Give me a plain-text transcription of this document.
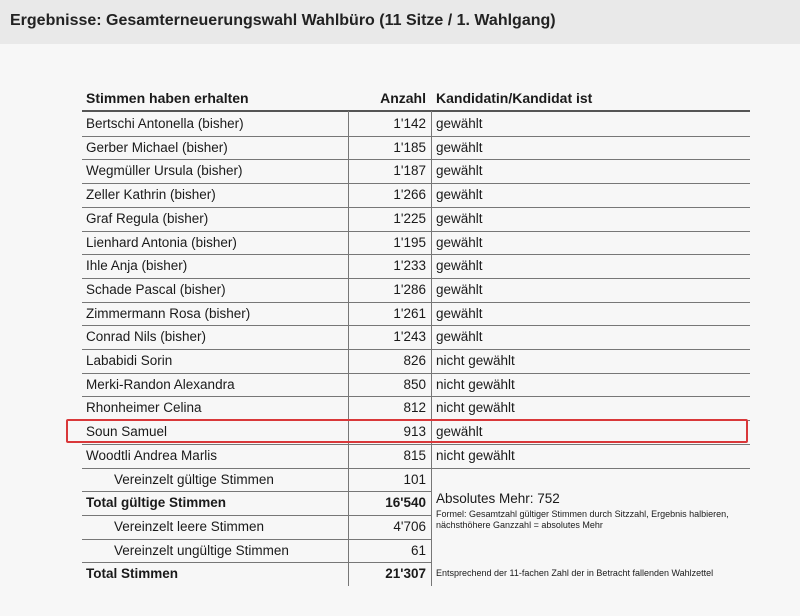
Ergebnisse: Gesamterneuerungswahl Wahlbüro (11 Sitze / 1. Wahlgang)
Stimmen haben erhalten	Anzahl Kandidatin/Kandidat ist
Bertschi Antonella (bisher)	1'142 gewählt
Gerber Michael (bisher)	1'185 gewählt
Wegmüller Ursula (bisher)	1'187 gewählt
Zeller Kathrin (bisher)	1'266 gewählt
Graf Regula (bisher)	1'225 gewählt
Lienhard Antonia (bisher)	1'195 gewählt
Ihle Anja (bisher)	1'233 gewählt
Schade Pascal (bisher)	1'286 gewählt
Zimmermann Rosa (bisher)	1'261 gewählt
Conrad Nils (bisher)	1'243 gewählt
Lababidi Sorin	826 nicht gewählt
Merki-Randon Alexandra	850 nicht gewählt
Rhonheimer Celina	812 nicht gewählt
Soun Samuel	913 gewählt
Woodtli Andrea Marlis	815 nicht gewählt
Vereinzelt gültige Stimmen	101
Total gültige Stimmen	16'540 Absolutes Mehr: 752
Formel: Gesamtzahl gültiger Stimmen durch Sitzzahl, Ergebnis halbieren, nächsthöhere Ganzzahl = absolutes Mehr
Vereinzelt leere Stimmen	4'706
Vereinzelt ungültige Stimmen	61
Total Stimmen	21'307 Entsprechend der 11-fachen Zahl der in Betracht fallenden Wahlzettel
